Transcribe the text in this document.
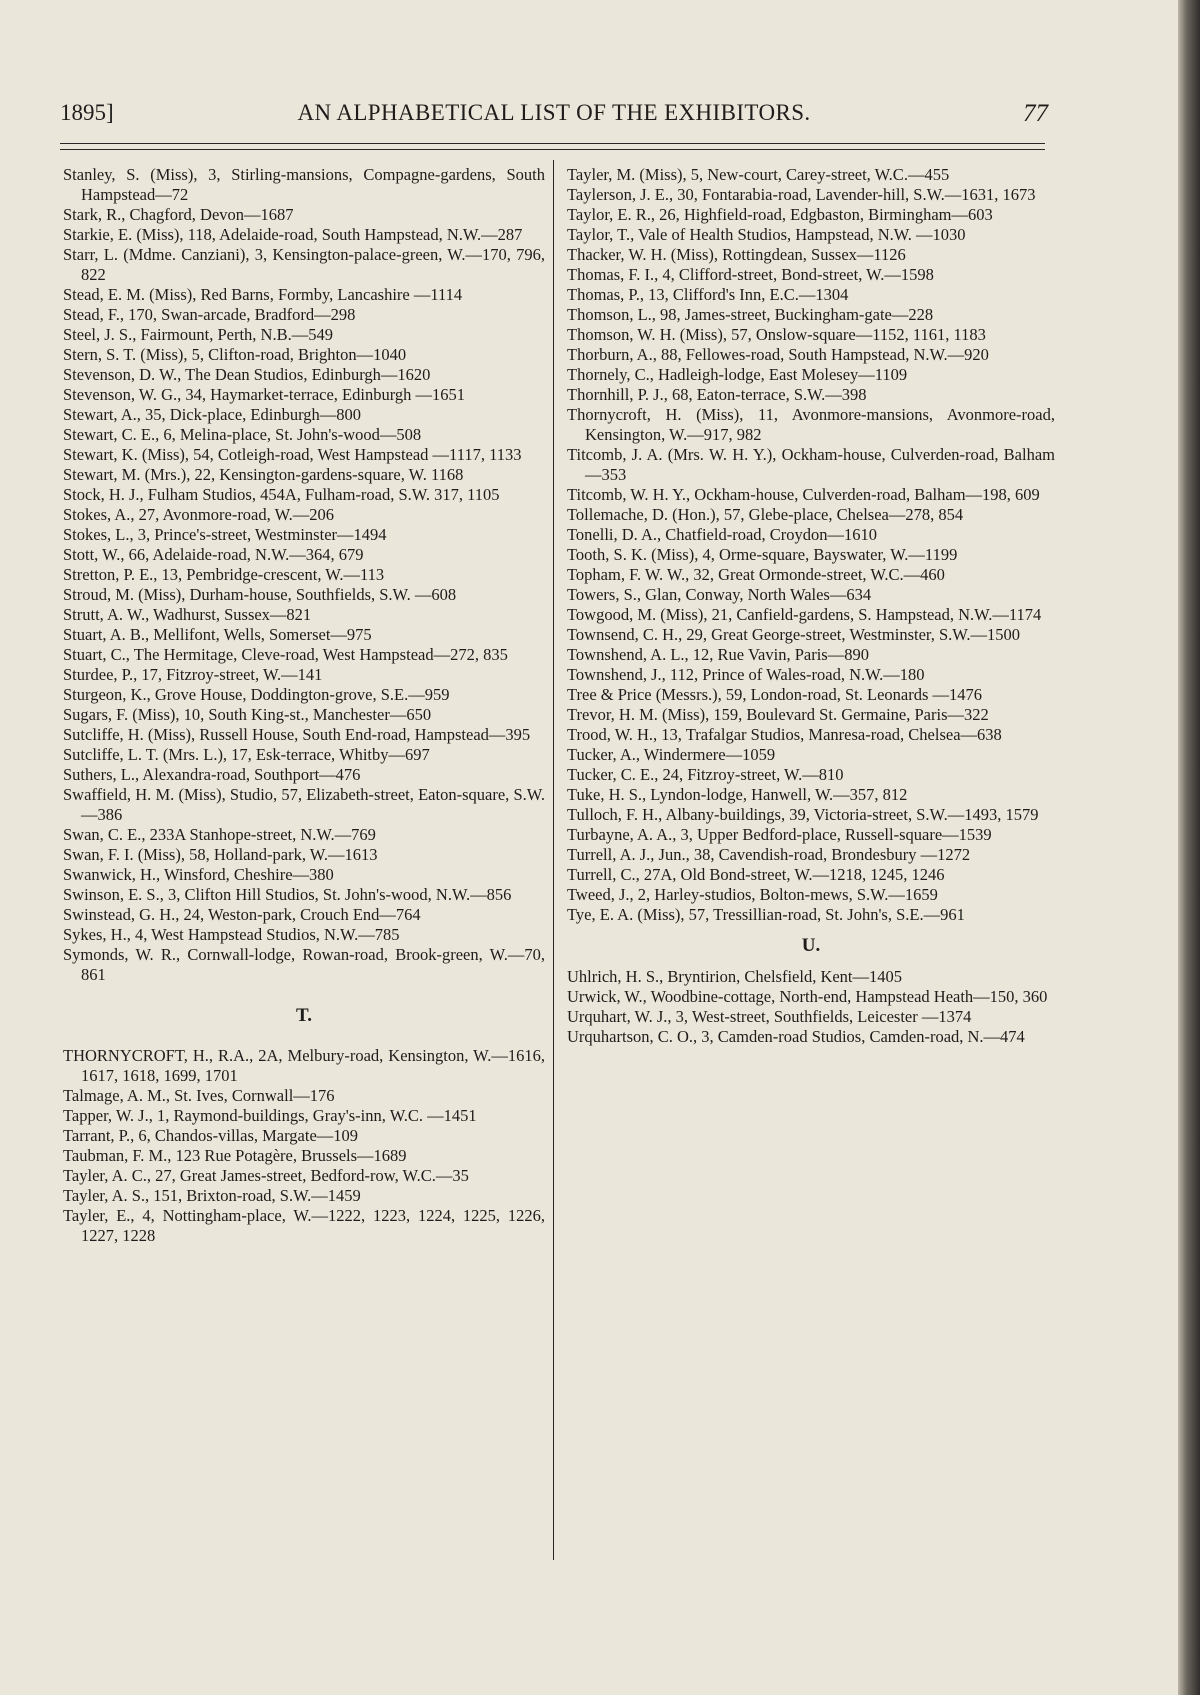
1895]	AN ALPHABETICAL LIST OF THE EXHIBITORS.	77
Stanley, S. (Miss), 3, Stirling-mansions, Compagne-gardens, South Hampstead—72
Stark, R., Chagford, Devon—1687
Starkie, E. (Miss), 118, Adelaide-road, South Hampstead, N.W.—287
Starr, L. (Mdme. Canziani), 3, Kensington-palace-green, W.—170, 796, 822
Stead, E. M. (Miss), Red Barns, Formby, Lancashire —1114
Stead, F., 170, Swan-arcade, Bradford—298
Steel, J. S., Fairmount, Perth, N.B.—549
Stern, S. T. (Miss), 5, Clifton-road, Brighton—1040
Stevenson, D. W., The Dean Studios, Edinburgh—1620
Stevenson, W. G., 34, Haymarket-terrace, Edinburgh —1651
Stewart, A., 35, Dick-place, Edinburgh—800
Stewart, C. E., 6, Melina-place, St. John's-wood—508
Stewart, K. (Miss), 54, Cotleigh-road, West Hampstead —1117, 1133
Stewart, M. (Mrs.), 22, Kensington-gardens-square, W. 1168
Stock, H. J., Fulham Studios, 454A, Fulham-road, S.W. 317, 1105
Stokes, A., 27, Avonmore-road, W.—206
Stokes, L., 3, Prince's-street, Westminster—1494
Stott, W., 66, Adelaide-road, N.W.—364, 679
Stretton, P. E., 13, Pembridge-crescent, W.—113
Stroud, M. (Miss), Durham-house, Southfields, S.W. —608
Strutt, A. W., Wadhurst, Sussex—821
Stuart, A. B., Mellifont, Wells, Somerset—975
Stuart, C., The Hermitage, Cleve-road, West Hampstead—272, 835
Sturdee, P., 17, Fitzroy-street, W.—141
Sturgeon, K., Grove House, Doddington-grove, S.E.—959
Sugars, F. (Miss), 10, South King-st., Manchester—650
Sutcliffe, H. (Miss), Russell House, South End-road, Hampstead—395
Sutcliffe, L. T. (Mrs. L.), 17, Esk-terrace, Whitby—697
Suthers, L., Alexandra-road, Southport—476
Swaffield, H. M. (Miss), Studio, 57, Elizabeth-street, Eaton-square, S.W.—386
Swan, C. E., 233A Stanhope-street, N.W.—769
Swan, F. I. (Miss), 58, Holland-park, W.—1613
Swanwick, H., Winsford, Cheshire—380
Swinson, E. S., 3, Clifton Hill Studios, St. John's-wood, N.W.—856
Swinstead, G. H., 24, Weston-park, Crouch End—764
Sykes, H., 4, West Hampstead Studios, N.W.—785
Symonds, W. R., Cornwall-lodge, Rowan-road, Brook-green, W.—70, 861
T.
THORNYCROFT, H., R.A., 2A, Melbury-road, Kensington, W.—1616, 1617, 1618, 1699, 1701
Talmage, A. M., St. Ives, Cornwall—176
Tapper, W. J., 1, Raymond-buildings, Gray's-inn, W.C. —1451
Tarrant, P., 6, Chandos-villas, Margate—109
Taubman, F. M., 123 Rue Potagère, Brussels—1689
Tayler, A. C., 27, Great James-street, Bedford-row, W.C.—35
Tayler, A. S., 151, Brixton-road, S.W.—1459
Tayler, E., 4, Nottingham-place, W.—1222, 1223, 1224, 1225, 1226, 1227, 1228
Tayler, M. (Miss), 5, New-court, Carey-street, W.C.—455
Taylerson, J. E., 30, Fontarabia-road, Lavender-hill, S.W.—1631, 1673
Taylor, E. R., 26, Highfield-road, Edgbaston, Birmingham—603
Taylor, T., Vale of Health Studios, Hampstead, N.W. —1030
Thacker, W. H. (Miss), Rottingdean, Sussex—1126
Thomas, F. I., 4, Clifford-street, Bond-street, W.—1598
Thomas, P., 13, Clifford's Inn, E.C.—1304
Thomson, L., 98, James-street, Buckingham-gate—228
Thomson, W. H. (Miss), 57, Onslow-square—1152, 1161, 1183
Thorburn, A., 88, Fellowes-road, South Hampstead, N.W.—920
Thornely, C., Hadleigh-lodge, East Molesey—1109
Thornhill, P. J., 68, Eaton-terrace, S.W.—398
Thornycroft, H. (Miss), 11, Avonmore-mansions, Avonmore-road, Kensington, W.—917, 982
Titcomb, J. A. (Mrs. W. H. Y.), Ockham-house, Culverden-road, Balham—353
Titcomb, W. H. Y., Ockham-house, Culverden-road, Balham—198, 609
Tollemache, D. (Hon.), 57, Glebe-place, Chelsea—278, 854
Tonelli, D. A., Chatfield-road, Croydon—1610
Tooth, S. K. (Miss), 4, Orme-square, Bayswater, W.—1199
Topham, F. W. W., 32, Great Ormonde-street, W.C.—460
Towers, S., Glan, Conway, North Wales—634
Towgood, M. (Miss), 21, Canfield-gardens, S. Hampstead, N.W.—1174
Townsend, C. H., 29, Great George-street, Westminster, S.W.—1500
Townshend, A. L., 12, Rue Vavin, Paris—890
Townshend, J., 112, Prince of Wales-road, N.W.—180
Tree & Price (Messrs.), 59, London-road, St. Leonards —1476
Trevor, H. M. (Miss), 159, Boulevard St. Germaine, Paris—322
Trood, W. H., 13, Trafalgar Studios, Manresa-road, Chelsea—638
Tucker, A., Windermere—1059
Tucker, C. E., 24, Fitzroy-street, W.—810
Tuke, H. S., Lyndon-lodge, Hanwell, W.—357, 812
Tulloch, F. H., Albany-buildings, 39, Victoria-street, S.W.—1493, 1579
Turbayne, A. A., 3, Upper Bedford-place, Russell-square—1539
Turrell, A. J., Jun., 38, Cavendish-road, Brondesbury —1272
Turrell, C., 27A, Old Bond-street, W.—1218, 1245, 1246
Tweed, J., 2, Harley-studios, Bolton-mews, S.W.—1659
Tye, E. A. (Miss), 57, Tressillian-road, St. John's, S.E.—961
U.
Uhlrich, H. S., Bryntirion, Chelsfield, Kent—1405
Urwick, W., Woodbine-cottage, North-end, Hampstead Heath—150, 360
Urquhart, W. J., 3, West-street, Southfields, Leicester —1374
Urquhartson, C. O., 3, Camden-road Studios, Camden-road, N.—474
